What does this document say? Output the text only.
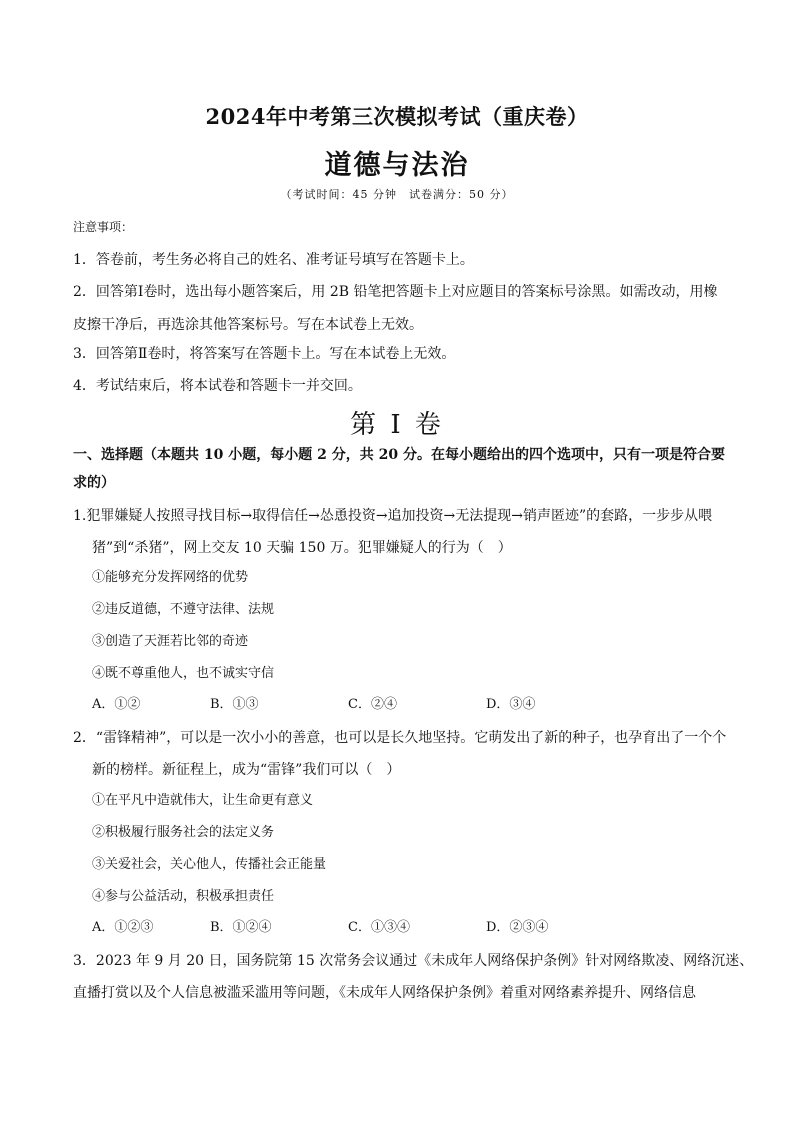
2024年中考第三次模拟考试（重庆卷）
道德与法治
（考试时间：45 分钟　试卷满分：50 分）
注意事项：
1．答卷前，考生务必将自己的姓名、准考证号填写在答题卡上。
2．回答第Ⅰ卷时，选出每小题答案后，用 2B 铅笔把答题卡上对应题目的答案标号涂黑。如需改动，用橡皮擦干净后，再选涂其他答案标号。写在本试卷上无效。
3．回答第Ⅱ卷时，将答案写在答题卡上。写在本试卷上无效。
4．考试结束后，将本试卷和答题卡一并交回。
第 I 卷
一、选择题（本题共 10 小题，每小题 2 分，共 20 分。在每小题给出的四个选项中，只有一项是符合要求的）
1.犯罪嫌疑人按照寻找目标→取得信任→怂恿投资→追加投资→无法提现→销声匿迹”的套路，一步步从喂
猪”到“杀猪”，网上交友 10 天骗 150 万。犯罪嫌疑人的行为（　）
①能够充分发挥网络的优势
②违反道德，不遵守法律、法规
③创造了天涯若比邻的奇迹
④既不尊重他人，也不诚实守信
A．①②	B．①③	C．②④	D．③④
2．“雷锋精神”，可以是一次小小的善意，也可以是长久地坚持。它萌发出了新的种子，也孕育出了一个个
新的榜样。新征程上，成为“雷锋”我们可以（　）
①在平凡中造就伟大，让生命更有意义
②积极履行服务社会的法定义务
③关爱社会，关心他人，传播社会正能量
④参与公益活动，积极承担责任
A．①②③	B．①②④	C．①③④	D．②③④
3．2023 年 9 月 20 日，国务院第 15 次常务会议通过《未成年人网络保护条例》针对网络欺凌、网络沉迷、
直播打赏以及个人信息被滥采滥用等问题，《未成年人网络保护条例》着重对网络素养提升、网络信息
